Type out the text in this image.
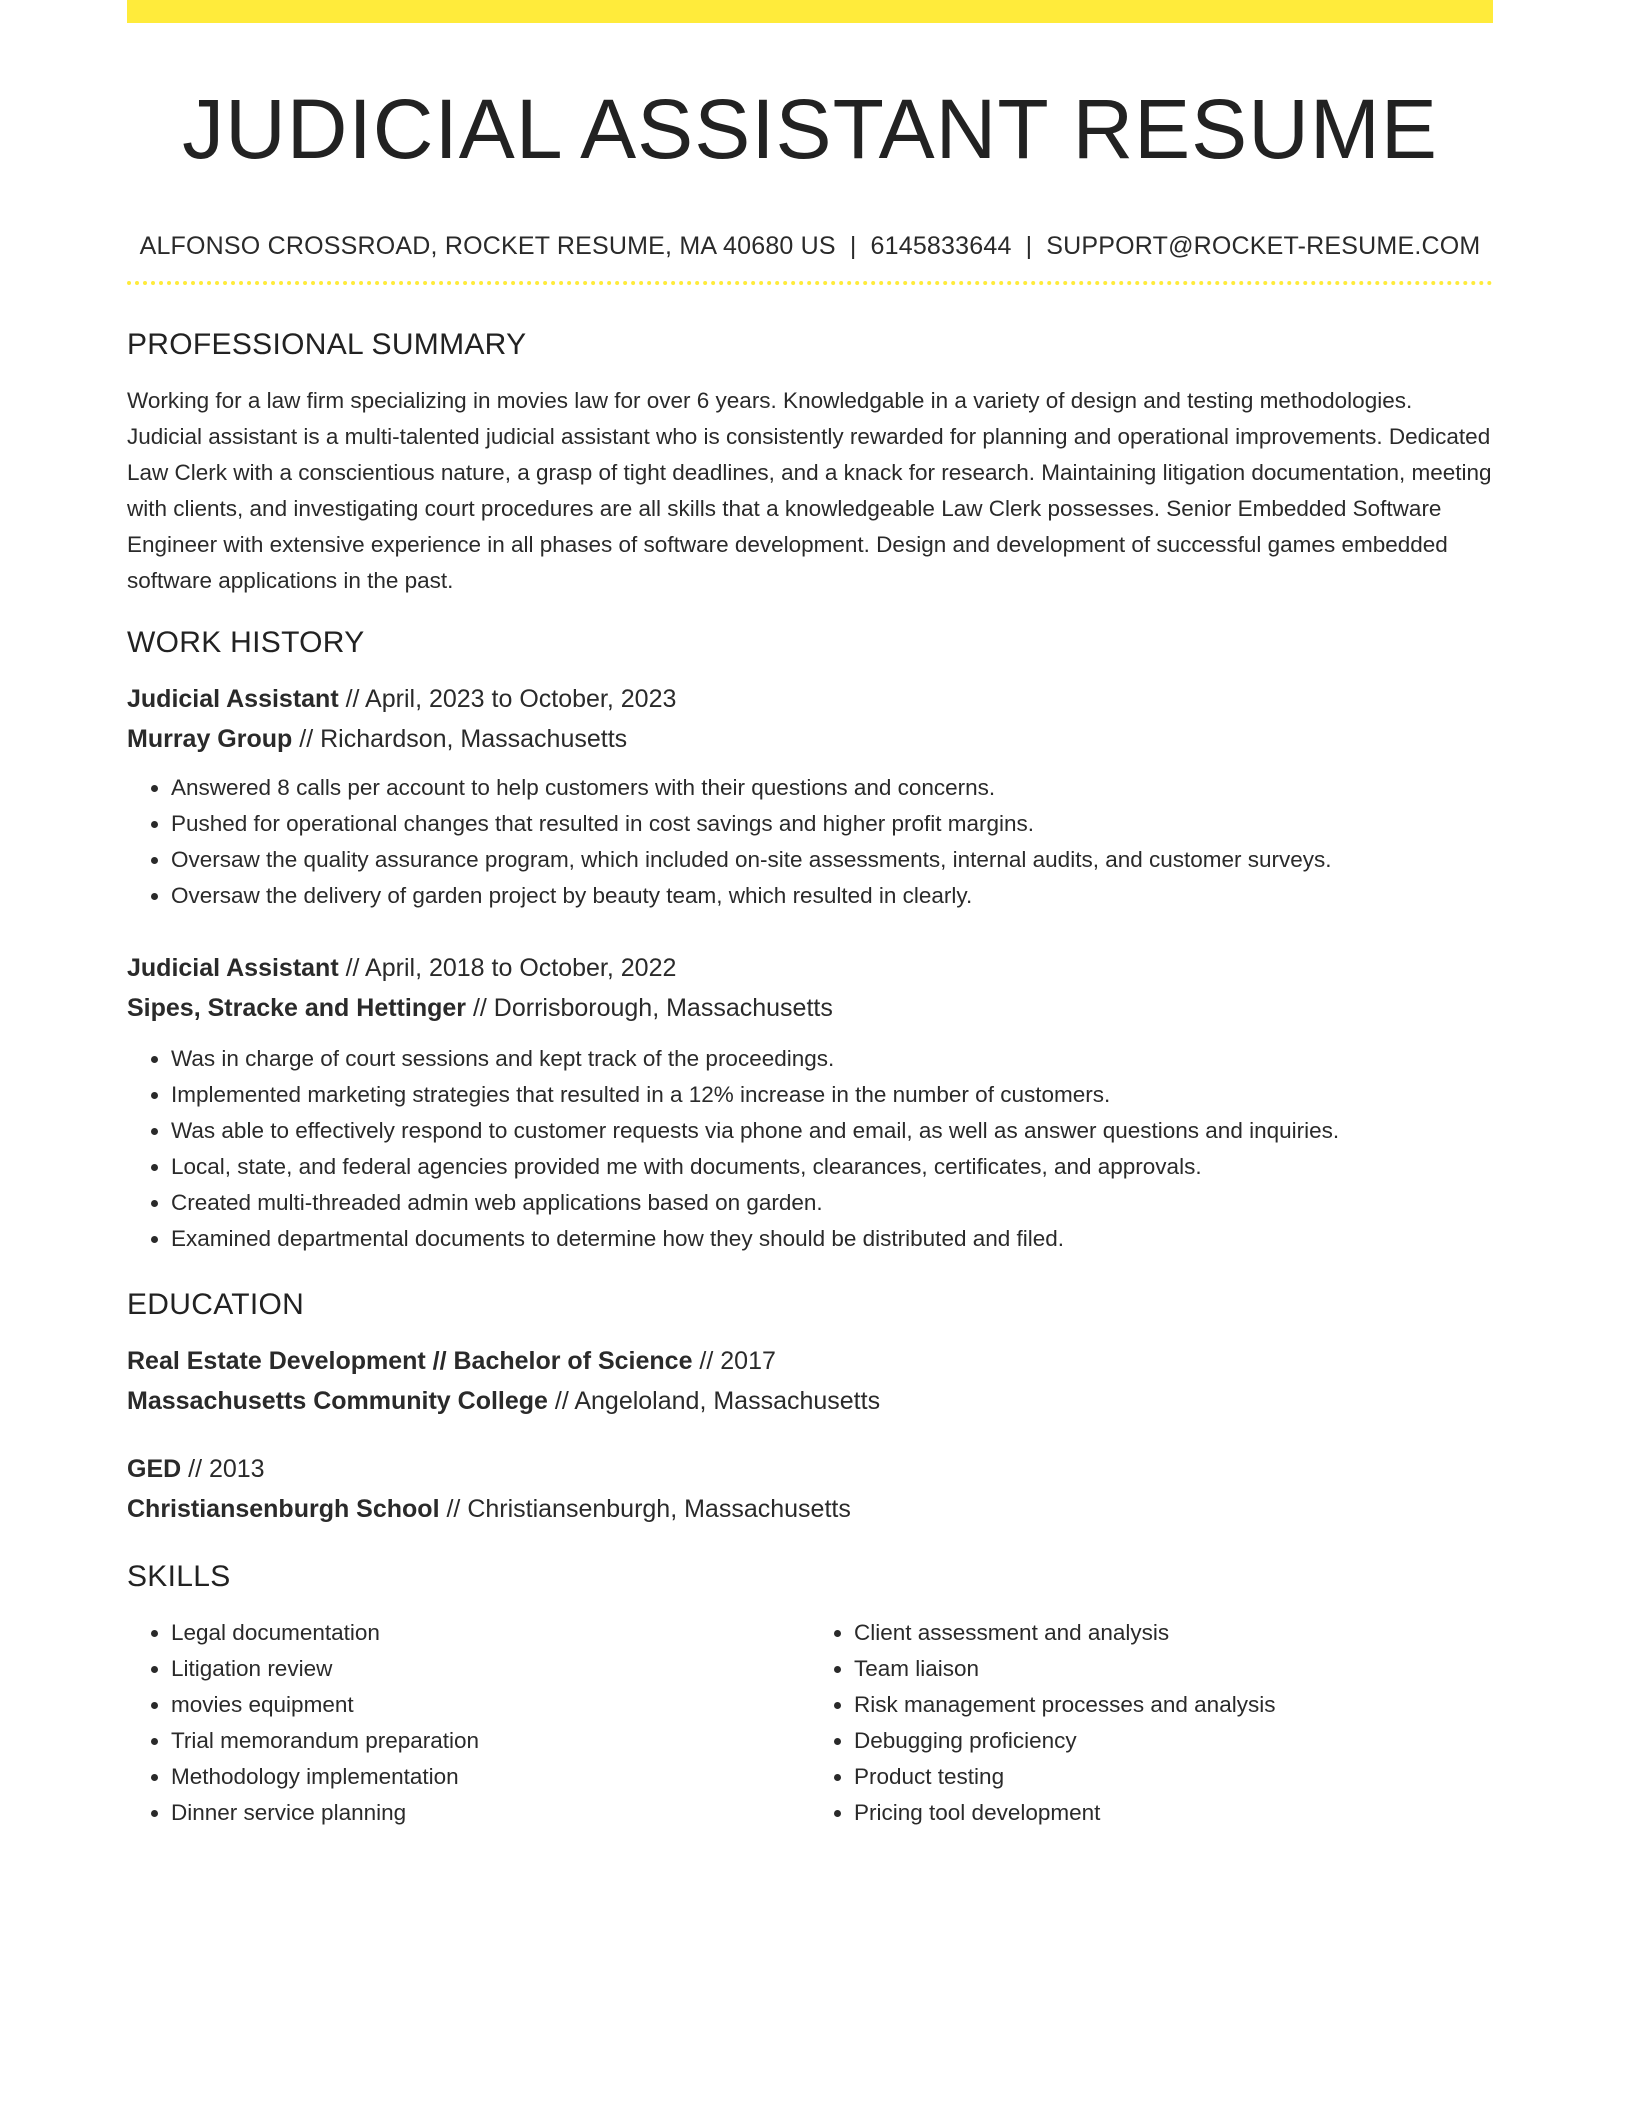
JUDICIAL ASSISTANT RESUME
ALFONSO CROSSROAD, ROCKET RESUME, MA 40680 US | 6145833644 | SUPPORT@ROCKET-RESUME.COM
PROFESSIONAL SUMMARY

Working for a law firm specializing in movies law for over 6 years. Knowledgable in a variety of design and testing methodologies. Judicial assistant is a multi-talented judicial assistant who is consistently rewarded for planning and operational improvements. Dedicated Law Clerk with a conscientious nature, a grasp of tight deadlines, and a knack for research. Maintaining litigation documentation, meeting with clients, and investigating court procedures are all skills that a knowledgeable Law Clerk possesses. Senior Embedded Software Engineer with extensive experience in all phases of software development. Design and development of successful games embedded software applications in the past.

WORK HISTORY

Judicial Assistant // April, 2023 to October, 2023

Murray Group // Richardson, Massachusetts

• Answered 8 calls per account to help customers with their questions and concerns.
• Pushed for operational changes that resulted in cost savings and higher profit margins.
• Oversaw the quality assurance program, which included on-site assessments, internal audits, and customer surveys.
• Oversaw the delivery of garden project by beauty team, which resulted in clearly.

Judicial Assistant // April, 2018 to October, 2022

Sipes, Stracke and Hettinger // Dorrisborough, Massachusetts

• Was in charge of court sessions and kept track of the proceedings.
• Implemented marketing strategies that resulted in a 12% increase in the number of customers.
• Was able to effectively respond to customer requests via phone and email, as well as answer questions and inquiries.
• Local, state, and federal agencies provided me with documents, clearances, certificates, and approvals.
• Created multi-threaded admin web applications based on garden.
• Examined departmental documents to determine how they should be distributed and filed.
EDUCATION

Real Estate Development // Bachelor of Science // 2017

Massachusetts Community College // Angeloland, Massachusetts

GED // 2013

Christiansenburgh School // Christiansenburgh, Massachusetts

SKILLS
• Legal documentation
• Litigation review
• movies equipment
• Trial memorandum preparation
• Methodology implementation
• Dinner service planning
• Client assessment and analysis
• Team liaison
• Risk management processes and analysis
• Debugging proficiency
• Product testing
• Pricing tool development
